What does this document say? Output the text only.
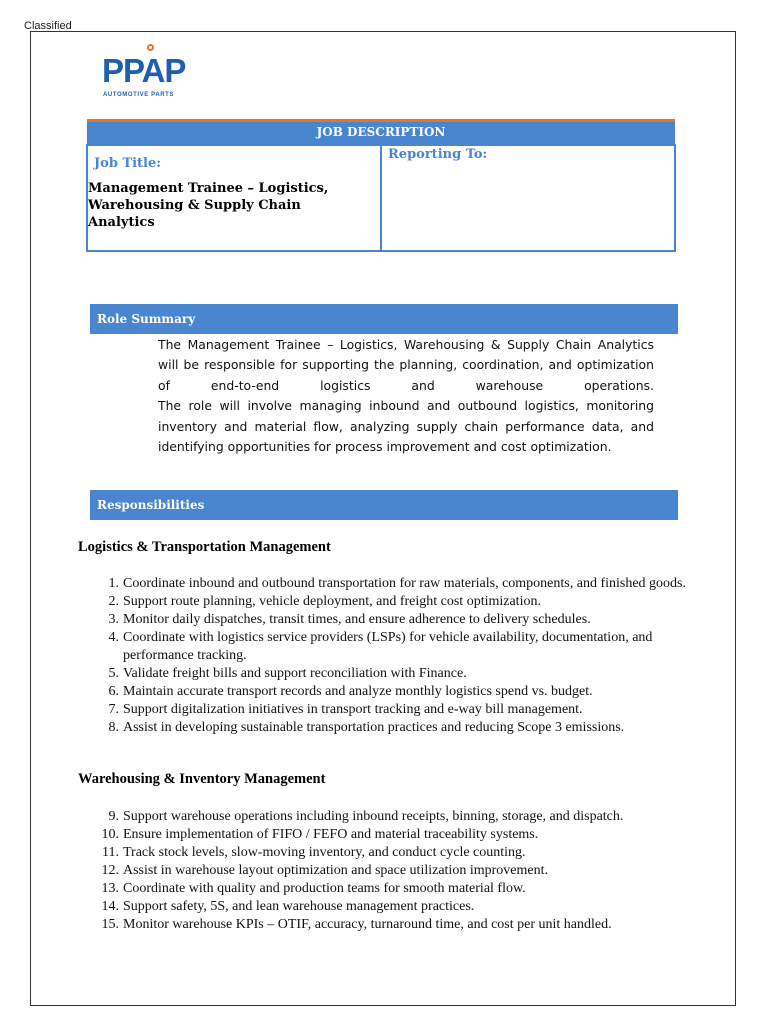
Classified
PPAP
AUTOMOTIVE PARTS
JOB DESCRIPTION
Job Title:
Management Trainee – Logistics, Warehousing & Supply Chain Analytics
Reporting To:
Role Summary

The Management Trainee – Logistics, Warehousing & Supply Chain Analytics will be responsible for supporting the planning, coordination, and optimization of end-to-end logistics and warehouse operations.

The role will involve managing inbound and outbound logistics, monitoring inventory and material flow, analyzing supply chain performance data, and identifying opportunities for process improvement and cost optimization.

Responsibilities
Logistics & Transportation Management
1. Coordinate inbound and outbound transportation for raw materials, components, and finished goods.
2. Support route planning, vehicle deployment, and freight cost optimization.
3. Monitor daily dispatches, transit times, and ensure adherence to delivery schedules.
4. Coordinate with logistics service providers (LSPs) for vehicle availability, documentation, and performance tracking.
5. Validate freight bills and support reconciliation with Finance.
6. Maintain accurate transport records and analyze monthly logistics spend vs. budget.
7. Support digitalization initiatives in transport tracking and e-way bill management.
8. Assist in developing sustainable transportation practices and reducing Scope 3 emissions.
Warehousing & Inventory Management
9. Support warehouse operations including inbound receipts, binning, storage, and dispatch.
10. Ensure implementation of FIFO / FEFO and material traceability systems.
11. Track stock levels, slow-moving inventory, and conduct cycle counting.
12. Assist in warehouse layout optimization and space utilization improvement.
13. Coordinate with quality and production teams for smooth material flow.
14. Support safety, 5S, and lean warehouse management practices.
15. Monitor warehouse KPIs – OTIF, accuracy, turnaround time, and cost per unit handled.
